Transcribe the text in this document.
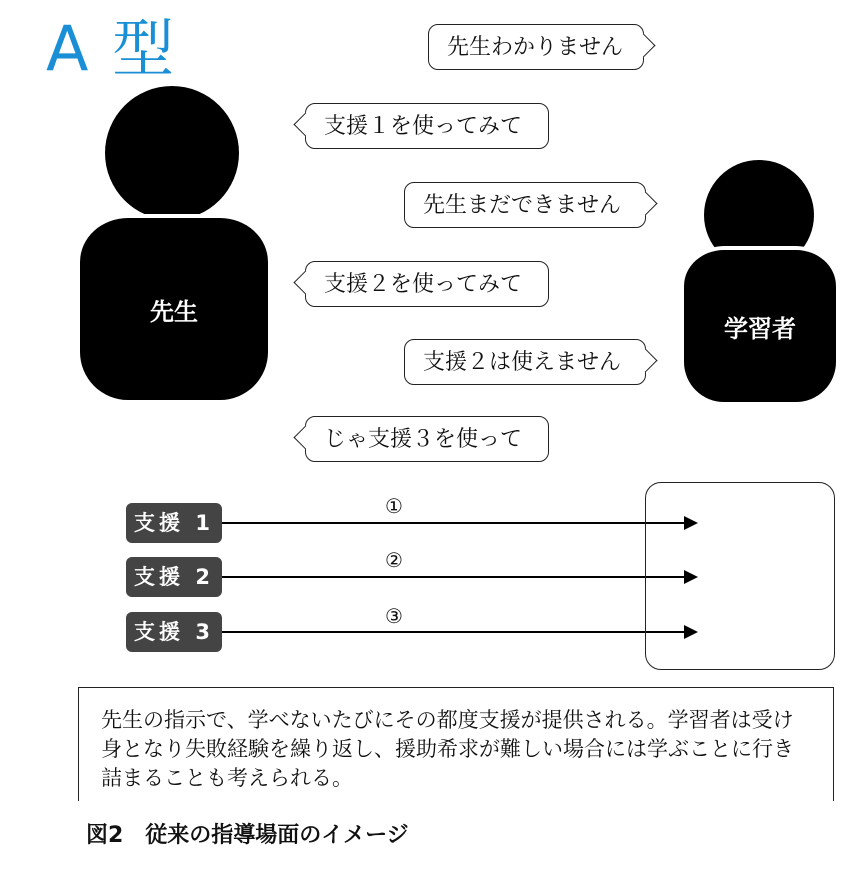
A 型
先生
学習者
先生わかりません
支援１を使ってみて
先生まだできません
支援２を使ってみて
支援２は使えません
じゃ支援３を使って
支援 1
①
支援 2
②
支援 3
③
先生の指示で、学べないたびにその都度支援が提供される。学習者は受け身となり失敗経験を繰り返し、援助希求が難しい場合には学ぶことに行き詰まることも考えられる。
図2　従来の指導場面のイメージ
